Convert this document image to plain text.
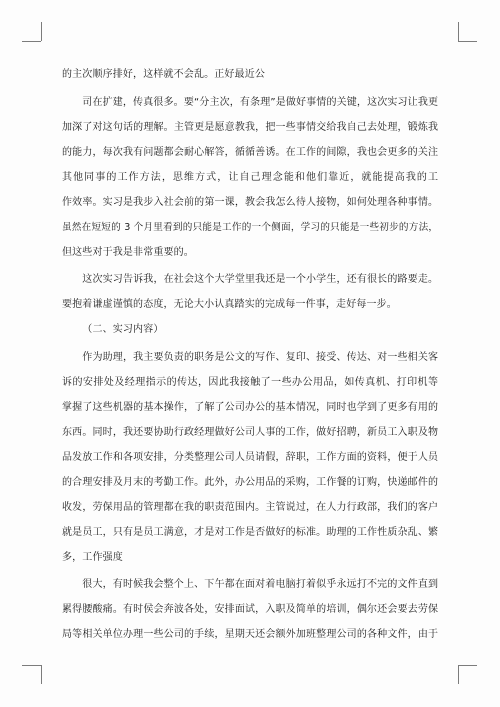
的主次顺序排好，这样就不会乱。正好最近公
司在扩建，传真很多。要“分主次，有条理”是做好事情的关键，这次实习让我更
加深了对这句话的理解。主管更是愿意教我，把一些事情交给我自己去处理，锻炼我
的能力，每次我有问题都会耐心解答，循循善诱。在工作的间隙，我也会更多的关注
其他同事的工作方法，思维方式，让自己理念能和他们靠近，就能提高我的工
作效率。实习是我步入社会前的第一课，教会我怎么待人接物，如何处理各种事情。
虽然在短短的 3 个月里看到的只能是工作的一个侧面，学习的只能是一些初步的方法，
但这些对于我是非常重要的。
这次实习告诉我，在社会这个大学堂里我还是一个小学生，还有很长的路要走。
要抱着谦虚谨慎的态度，无论大小认真踏实的完成每一件事，走好每一步。
（二、实习内容）
作为助理，我主要负责的职务是公文的写作、复印、接受、传达、对一些相关客
诉的安排处及经理指示的传达，因此我接触了一些办公用品，如传真机、打印机等
掌握了这些机器的基本操作，了解了公司办公的基本情况，同时也学到了更多有用的
东西。同时，我还要协助行政经理做好公司人事的工作，做好招聘，新员工入职及物
品发放工作和各项安排，分类整理公司人员请假，辞职，工作方面的资料，便于人员
的合理安排及月末的考勤工作。此外，办公用品的采购，工作餐的订购，快递邮件的
收发，劳保用品的管理都在我的职责范围内。主管说过，在人力行政部，我们的客户
就是员工，只有是员工满意，才是对工作是否做好的标准。助理的工作性质杂乱、繁
多，工作强度
很大，有时候我会整个上、下午都在面对着电脑打着似乎永远打不完的文件直到
累得腰酸痛。有时侯会奔波各处，安排面试，入职及简单的培训，偶尔还会要去劳保
局等相关单位办理一些公司的手续，星期天还会额外加班整理公司的各种文件，由于
